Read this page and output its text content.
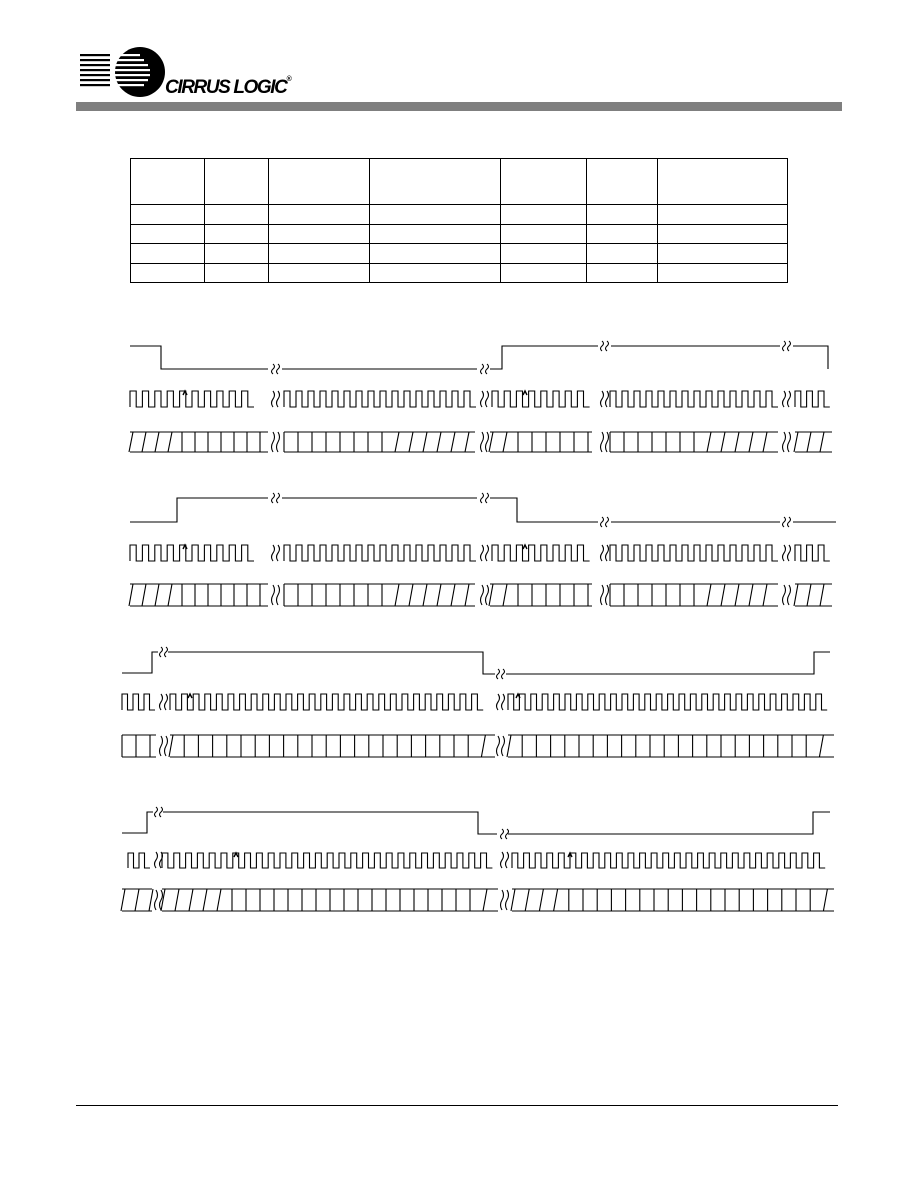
CIRRUS LOGIC®
